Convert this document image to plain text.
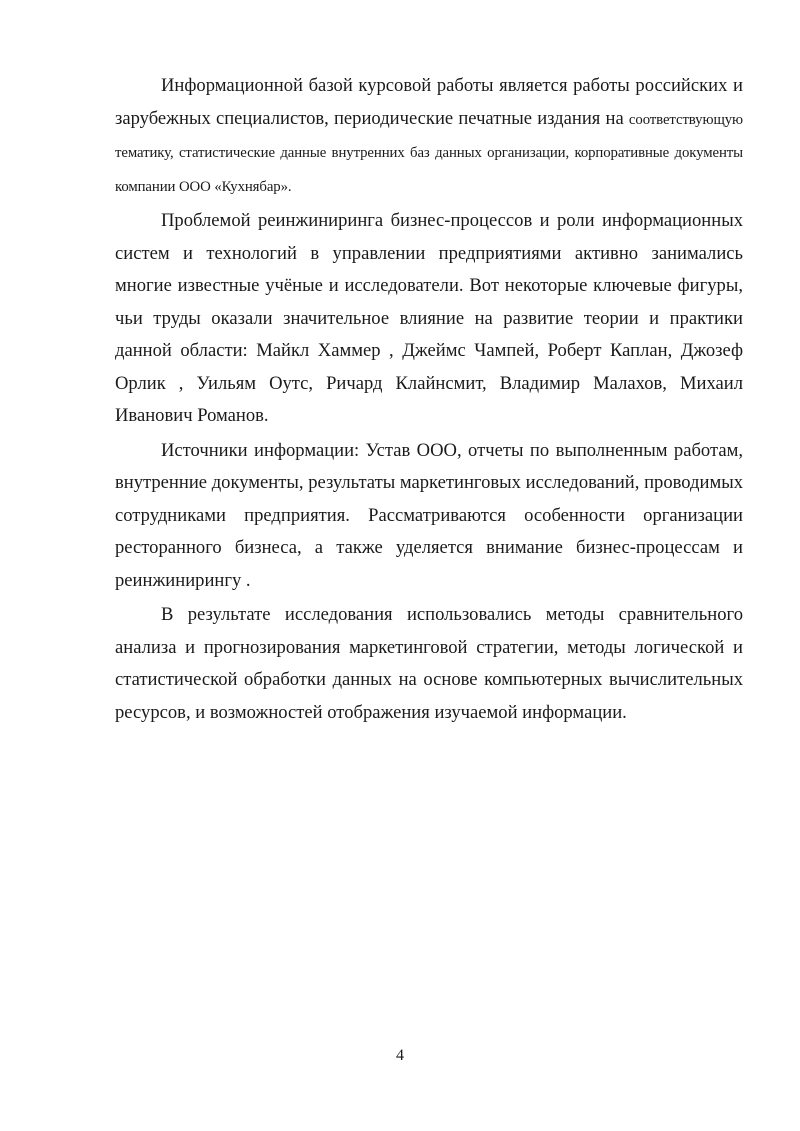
Информационной базой курсовой работы является работы российских и зарубежных специалистов, периодические печатные издания на соответствующую тематику, статистические данные внутренних баз данных организации, корпоративные документы компании ООО «Кухнябар».

Проблемой реинжиниринга бизнес-процессов и роли информационных систем и технологий в управлении предприятиями активно занимались многие известные учёные и исследователи. Вот некоторые ключевые фигуры, чьи труды оказали значительное влияние на развитие теории и практики данной области: Майкл Хаммер , Джеймс Чампей, Роберт Каплан, Джозеф Орлик , Уильям Оутс, Ричард Клайнсмит, Владимир Малахов, Михаил Иванович Романов.

Источники информации: Устав ООО, отчеты по выполненным работам, внутренние документы, результаты маркетинговых исследований, проводимых сотрудниками предприятия. Рассматриваются особенности организации ресторанного бизнеса, а также уделяется внимание бизнес-процессам и реинжинирингу .

В результате исследования использовались методы сравнительного анализа и прогнозирования маркетинговой стратегии, методы логической и статистической обработки данных на основе компьютерных вычислительных ресурсов, и возможностей отображения изучаемой информации.

4
